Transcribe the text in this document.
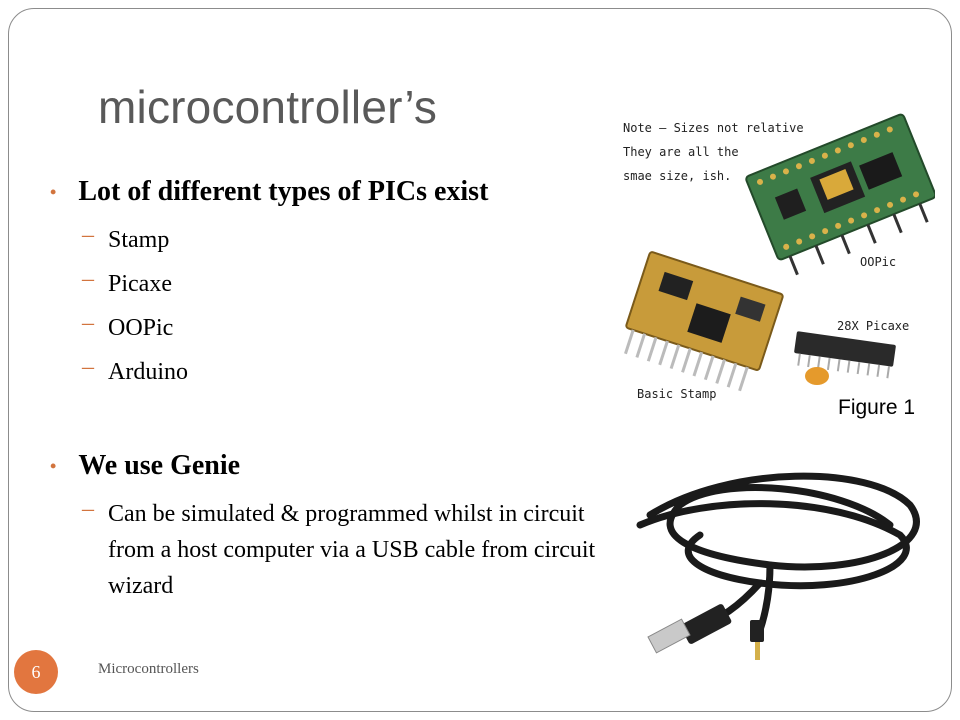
microcontroller’s
• Lot of different types of PICs exist
– Stamp
– Picaxe
– OOPic
– Arduino
• We use Genie
– Can be simulated & programmed whilst in circuit from a host computer via a USB cable from circuit wizard
Note – Sizes not relative
They are all the
smae size, ish.
OOPic
Basic Stamp
28X Picaxe
Figure 1
6	Microcontrollers
